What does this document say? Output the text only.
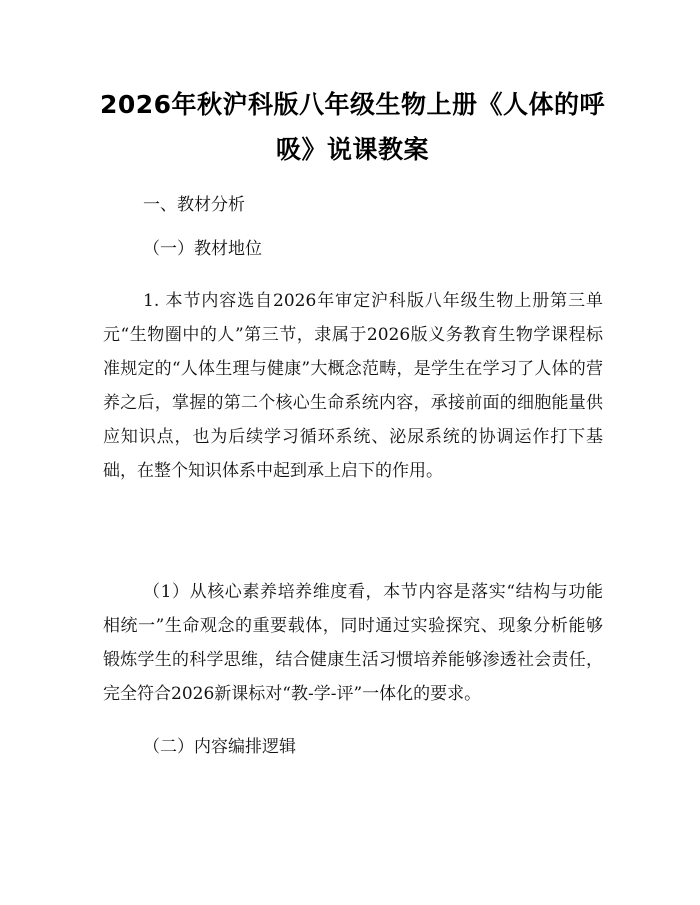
2026年秋沪科版八年级生物上册《人体的呼吸》说课教案

一、教材分析

（一）教材地位

1. 本节内容选自2026年审定沪科版八年级生物上册第三单元“生物圈中的人”第三节，隶属于2026版义务教育生物学课程标准规定的“人体生理与健康”大概念范畴，是学生在学习了人体的营养之后，掌握的第二个核心生命系统内容，承接前面的细胞能量供应知识点，也为后续学习循环系统、泌尿系统的协调运作打下基础，在整个知识体系中起到承上启下的作用。

（1）从核心素养培养维度看，本节内容是落实“结构与功能相统一”生命观念的重要载体，同时通过实验探究、现象分析能够锻炼学生的科学思维，结合健康生活习惯培养能够渗透社会责任，完全符合2026新课标对“教-学-评”一体化的要求。

（二）内容编排逻辑
